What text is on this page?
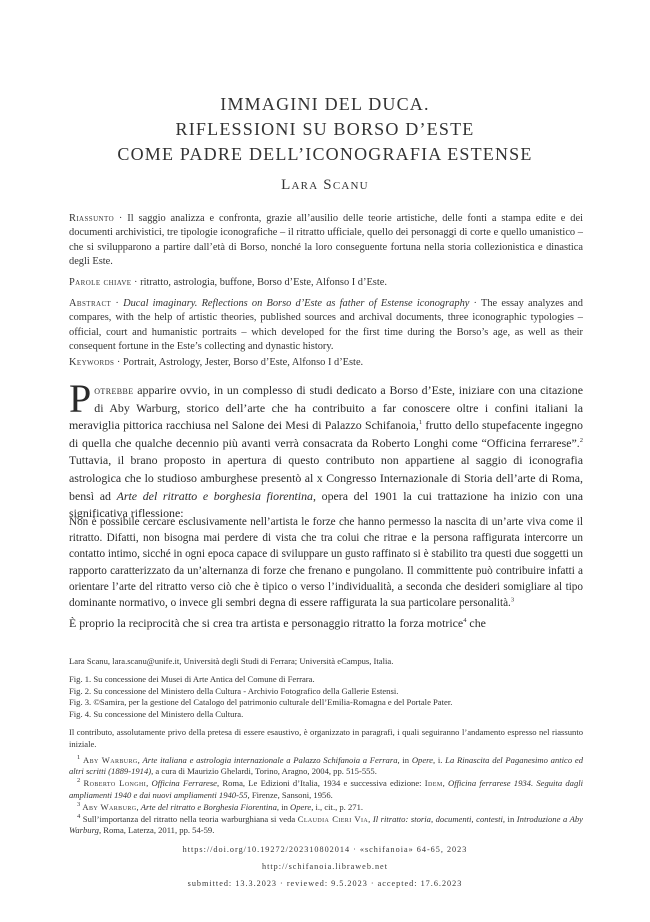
IMMAGINI DEL DUCA.
RIFLESSIONI SU BORSO D’ESTE
COME PADRE DELL’ICONOGRAFIA ESTENSE
Lara Scanu
Riassunto · Il saggio analizza e confronta, grazie all’ausilio delle teorie artistiche, delle fonti a stampa edite e dei documenti archivistici, tre tipologie iconografiche – il ritratto ufficiale, quello dei personaggi di corte e quello umanistico – che si svilupparono a partire dall’età di Borso, nonché la loro conseguente fortuna nella storia collezionistica e dinastica degli Este.
Parole chiave · ritratto, astrologia, buffone, Borso d’Este, Alfonso I d’Este.
Abstract · Ducal imaginary. Reflections on Borso d’Este as father of Estense iconography · The essay analyzes and compares, with the help of artistic theories, published sources and archival documents, three iconographic typologies – official, court and humanistic portraits – which developed for the first time during the Borso’s age, as well as their consequent fortune in the Este’s collecting and dynastic history.
Keywords · Portrait, Astrology, Jester, Borso d’Este, Alfonso I d’Este.
Potrebbe apparire ovvio, in un complesso di studi dedicato a Borso d’Este, iniziare con una citazione di Aby Warburg, storico dell’arte che ha contribuito a far conoscere oltre i confini italiani la meraviglia pittorica racchiusa nel Salone dei Mesi di Palazzo Schifanoia,$^1$ frutto dello stupefacente ingegno di quella che qualche decennio più avanti verrà consacrata da Roberto Longhi come “Officina ferrarese”.$^2$ Tuttavia, il brano proposto in apertura di questo contributo non appartiene al saggio di iconografia astrologica che lo studioso amburghese presentò al x Congresso Internazionale di Storia dell’arte di Roma, bensì ad Arte del ritratto e borghesia fiorentina, opera del 1901 la cui trattazione ha inizio con una significativa riflessione:
Non è possibile cercare esclusivamente nell’artista le forze che hanno permesso la nascita di un’arte viva come il ritratto. Difatti, non bisogna mai perdere di vista che tra colui che ritrae e la persona raffigurata intercorre un contatto intimo, sicché in ogni epoca capace di sviluppare un gusto raffinato si è stabilito tra questi due soggetti un rapporto caratterizzato da un’alternanza di forze che frenano e pungolano. Il committente può contribuire infatti a orientare l’arte del ritratto verso ciò che è tipico o verso l’individualità, a seconda che desideri somigliare al tipo dominante normativo, o invece gli sembri degna di essere raffigurata la sua particolare personalità.$^3$
È proprio la reciprocità che si crea tra artista e personaggio ritratto la forza motrice$^4$ che

Lara Scanu, lara.scanu@unife.it, Università degli Studi di Ferrara; Università eCampus, Italia.

Fig. 1. Su concessione dei Musei di Arte Antica del Comune di Ferrara.

Fig. 2. Su concessione del Ministero della Cultura - Archivio Fotografico della Gallerie Estensi.

Fig. 3. ©Samira, per la gestione del Catalogo del patrimonio culturale dell’Emilia-Romagna e del Portale Pater.

Fig. 4. Su concessione del Ministero della Cultura.

Il contributo, assolutamente privo della pretesa di essere esaustivo, è organizzato in paragrafi, i quali seguiranno l’andamento espresso nel riassunto iniziale.

$^1$ Aby Warburg, Arte italiana e astrologia internazionale a Palazzo Schifanoia a Ferrara, in Opere, i. La Rinascita del Paganesimo antico ed altri scritti (1889-1914), a cura di Maurizio Ghelardi, Torino, Aragno, 2004, pp. 515-555.

$^2$ Roberto Longhi, Officina Ferrarese, Roma, Le Edizioni d’Italia, 1934 e successiva edizione: Idem, Officina ferrarese 1934. Seguita dagli ampliamenti 1940 e dai nuovi ampliamenti 1940-55, Firenze, Sansoni, 1956.

$^3$ Aby Warburg, Arte del ritratto e Borghesia Fiorentina, in Opere, i., cit., p. 271.

$^4$ Sull’importanza del ritratto nella teoria warburghiana si veda Claudia Cieri Via, Il ritratto: storia, documenti, contesti, in Introduzione a Aby Warburg, Roma, Laterza, 2011, pp. 54-59.

https://doi.org/10.19272/202310802014 · «schifanoia» 64-65, 2023
http://schifanoia.libraweb.net
submitted: 13.3.2023 · reviewed: 9.5.2023 · accepted: 17.6.2023
